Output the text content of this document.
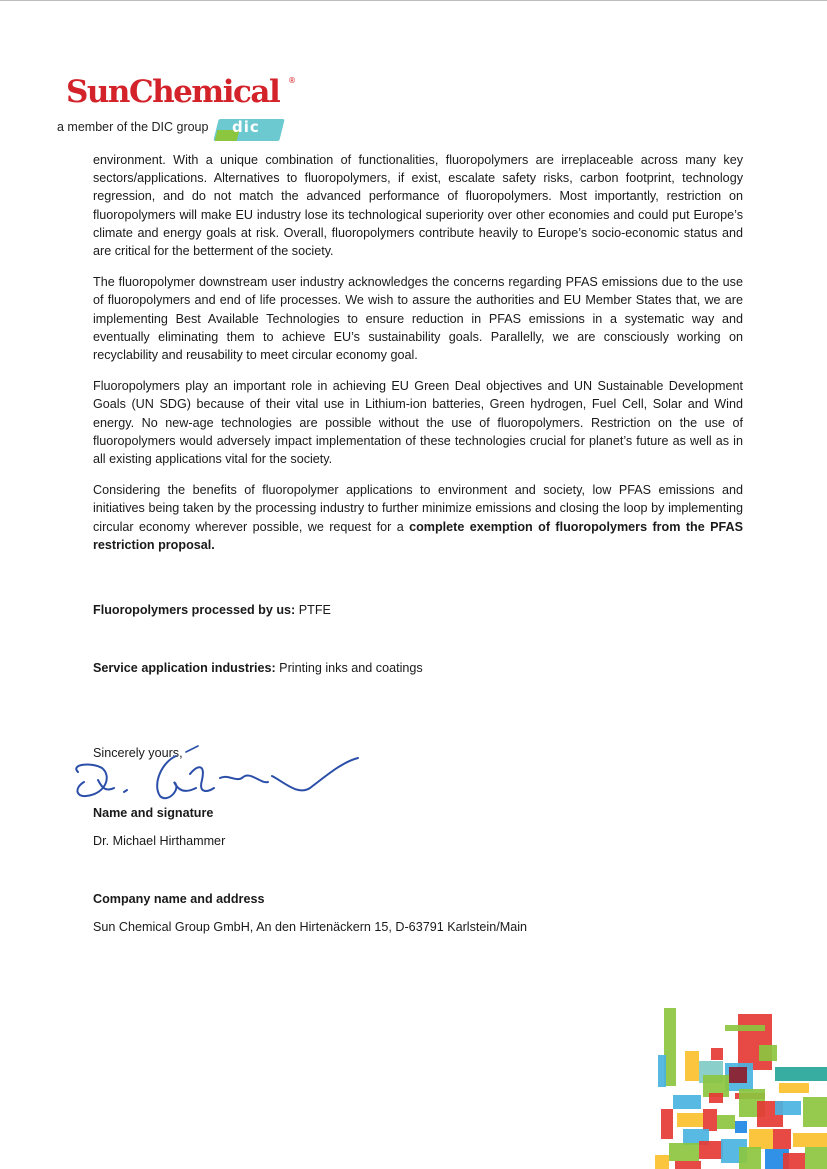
SunChemical ®
a member of the DIC group dic

environment. With a unique combination of functionalities, fluoropolymers are irreplaceable across many key sectors/applications. Alternatives to fluoropolymers, if exist, escalate safety risks, carbon footprint, technology regression, and do not match the advanced performance of fluoropolymers. Most importantly, restriction on fluoropolymers will make EU industry lose its technological superiority over other economies and could put Europe’s climate and energy goals at risk. Overall, fluoropolymers contribute heavily to Europe’s socio-economic status and are critical for the betterment of the society.

The fluoropolymer downstream user industry acknowledges the concerns regarding PFAS emissions due to the use of fluoropolymers and end of life processes. We wish to assure the authorities and EU Member States that, we are implementing Best Available Technologies to ensure reduction in PFAS emissions in a systematic way and eventually eliminating them to achieve EU’s sustainability goals. Parallelly, we are consciously working on recyclability and reusability to meet circular economy goal.

Fluoropolymers play an important role in achieving EU Green Deal objectives and UN Sustainable Development Goals (UN SDG) because of their vital use in Lithium-ion batteries, Green hydrogen, Fuel Cell, Solar and Wind energy. No new-age technologies are possible without the use of fluoropolymers. Restriction on the use of fluoropolymers would adversely impact implementation of these technologies crucial for planet’s future as well as in all existing applications vital for the society.

Considering the benefits of fluoropolymer applications to environment and society, low PFAS emissions and initiatives being taken by the processing industry to further minimize emissions and closing the loop by implementing circular economy wherever possible, we request for a complete exemption of fluoropolymers from the PFAS restriction proposal.

Fluoropolymers processed by us: PTFE
Service application industries: Printing inks and coatings
Sincerely yours,
Name and signature
Dr. Michael Hirthammer
Company name and address
Sun Chemical Group GmbH, An den Hirtenäckern 15, D-63791 Karlstein/Main
